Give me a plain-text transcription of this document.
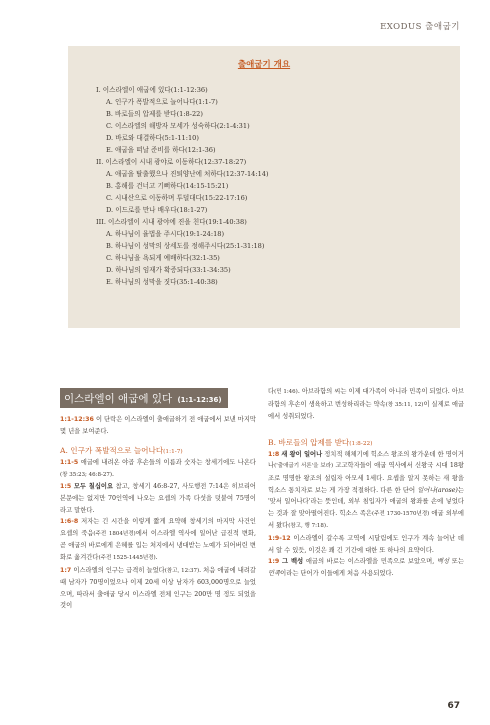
EXODUS 출애굽기
출애굽기 개요
I. 이스라엘이 애굽에 있다(1:1-12:36)
A. 인구가 폭발적으로 늘어나다(1:1-7)
B. 바로들의 압제를 받다(1:8-22)
C. 이스라엘의 해방자 모세가 성숙하다(2:1-4:31)
D. 바로와 대결하다(5:1-11:10)
E. 애굽을 떠날 준비를 하다(12:1-36)
II. 이스라엘이 시내 광야로 이동하다(12:37-18:27)
A. 애굽을 탈출했으나 진퇴양난에 처하다(12:37-14:14)
B. 홍해를 건너고 기뻐하다(14:15-15:21)
C. 시내산으로 이동하며 투덜대다(15:22-17:16)
D. 이드로를 만나 배우다(18:1-27)
III. 이스라엘이 시내 광야에 진을 친다(19:1-40:38)
A. 하나님이 율법을 주시다(19:1-24:18)
B. 하나님이 성막의 상세도를 정해주시다(25:1-31:18)
C. 하나님을 욕되게 예배하다(32:1-35)
D. 하나님의 임재가 확증되다(33:1-34:35)
E. 하나님의 성막을 짓다(35:1-40:38)
이스라엘이 애굽에 있다 (1:1-12:36)

1:1-12:36 이 단락은 이스라엘이 출애굽하기 전 애굽에서 보낸 마지막 몇 년을 보여준다.

A. 인구가 폭발적으로 늘어나다(1:1-7)

1:1-5 애굽에 내려온 야곱 후손들의 이름과 숫자는 창세기에도 나온다(창 35:23; 46:8-27).

1:5 모두 칠십이요 참고, 창세기 46:8-27, 사도행전 7:14은 히브리어 본문에는 없지만 70인역에 나오는 요셉의 가족 다섯을 덧붙여 75명이라고 말한다.

1:6-8 저자는 긴 시간을 이렇게 짧게 요약해 창세기의 마지막 사건인 요셉의 죽음(주전 1804년경)에서 이스라엘 역사에 일어난 급진적 변화, 곧 애굽의 바로에게 은혜를 입는 처지에서 냉대받는 노예가 되어버린 변화로 옮겨간다(주전 1525-1445년경).

1:7 이스라엘의 인구는 급격히 늘었다(참고, 12:37). 처음 애굽에 내려갈 때 남자가 70명이었으나 이제 20세 이상 남자가 603,000명으로 늘었으며, 따라서 출애굽 당시 이스라엘 전체 인구는 200만 명 정도 되었을 것이

다(민 1:46). 아브라함의 씨는 이제 대가족이 아니라 민족이 되었다. 아브라함의 후손이 생육하고 번성하리라는 약속(창 35:11, 12)이 실제로 애굽에서 성취되었다.

B. 바로들의 압제를 받다(1:8-22)

1:8 새 왕이 일어나 정치적 해체기에 힉소스 왕조의 왕가운데 한 명이거나('출애굽기 서론'을 보라) 고고학자들이 애굽 역사에서 신왕국 시대 18왕조로 명명한 왕조의 설립자 아모세 1세다. 요셉을 알지 못하는 새 왕을 힉소스 통치자로 보는 게 가장 적절하다. 다른 한 단어 일어나(arose)는 '맞서 일어나다'라는 뜻인데, 외부 침입자가 애굽의 왕좌를 손에 넣었다는 것과 잘 맞아떨어진다. 힉소스 족은(주전 1730-1570년경) 애굽 외부에서 왔다(참고, 행 7:18).

1:9-12 이스라엘이 갈수록 고역에 시달림에도 인구가 계속 늘어난 데서 알 수 있듯, 이것은 꽤 긴 기간에 대한 또 하나의 요약이다.

1:9 그 백성 애굽의 바로는 이스라엘을 민족으로 보았으며, 백성 또는 민족이라는 단어가 이들에게 처음 사용되었다.

67
